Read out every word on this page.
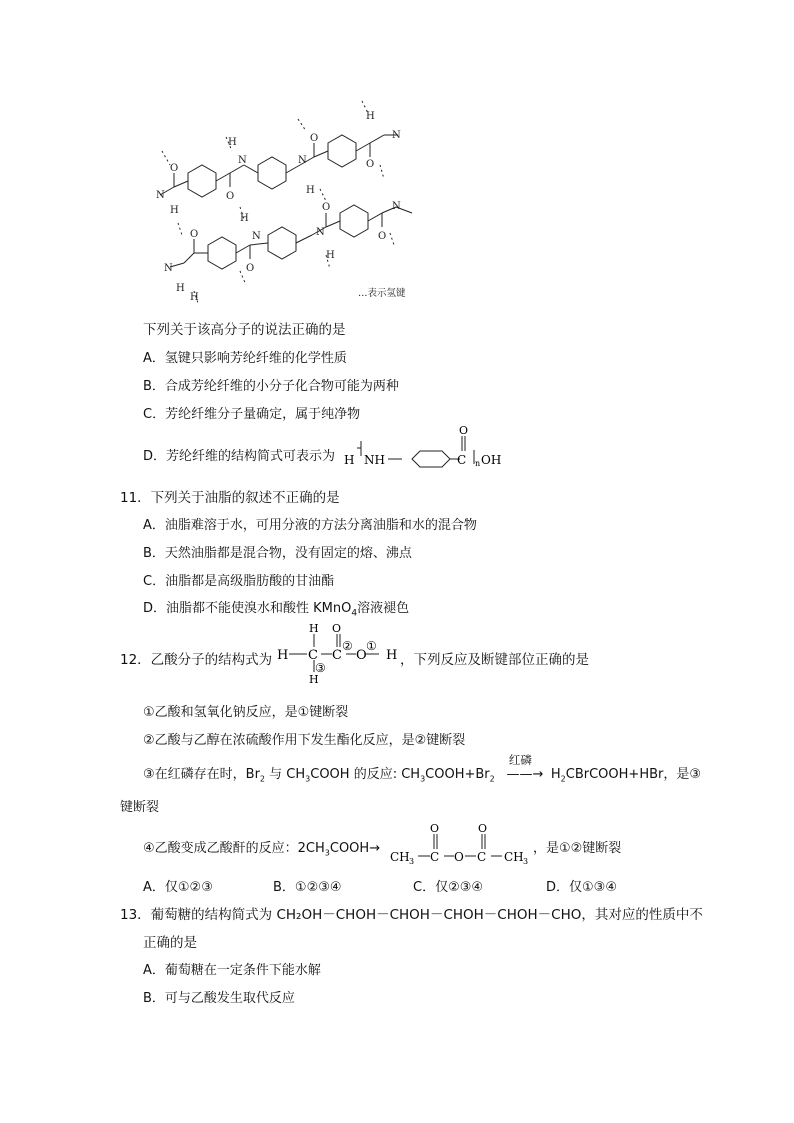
O
N
H
O
N
H
N
O
H
O
H
N
O
N
H
O
N
H
N
O
H
O
N
H	…表示氢键
下列关于该高分子的说法正确的是
A．氢键只影响芳纶纤维的化学性质
B．合成芳纶纤维的小分子化合物可能为两种
C．芳纶纤维分子量确定，属于纯净物
D．芳纶纤维的结构简式可表示为 H NH
O
C n OH
11．下列关于油脂的叙述不正确的是
A．油脂难溶于水，可用分液的方法分离油脂和水的混合物
B．天然油脂都是混合物，没有固定的熔、沸点
C．油脂都是高级脂肪酸的甘油酯
D．油脂都不能使溴水和酸性 KMnO$_4$溶液褪色
12．乙酸分子的结构式为 H
H
C
H
③
O
C
②
O
①
H ，下列反应及断键部位正确的是
①乙酸和氢氧化钠反应，是①键断裂
②乙酸与乙醇在浓硫酸作用下发生酯化反应，是②键断裂
③在红磷存在时，$Br_2$ 与 $CH_3COOH$ 的反应: $CH_3COOH+Br_2$
红磷
——→ $H_2CBrCOOH+HBr$，是③
键断裂
④乙酸变成乙酸酐的反应：$2CH_3COOH\to$
CH 3
O
C O
O
C CH 3
，是①②键断裂
A．仅①②③	B．①②③④	C．仅②③④	D．仅①③④
13．葡萄糖的结构简式为 CH₂OH－CHOH－CHOH－CHOH－CHOH－CHO，其对应的性质中不
正确的是
A．葡萄糖在一定条件下能水解
B．可与乙酸发生取代反应
